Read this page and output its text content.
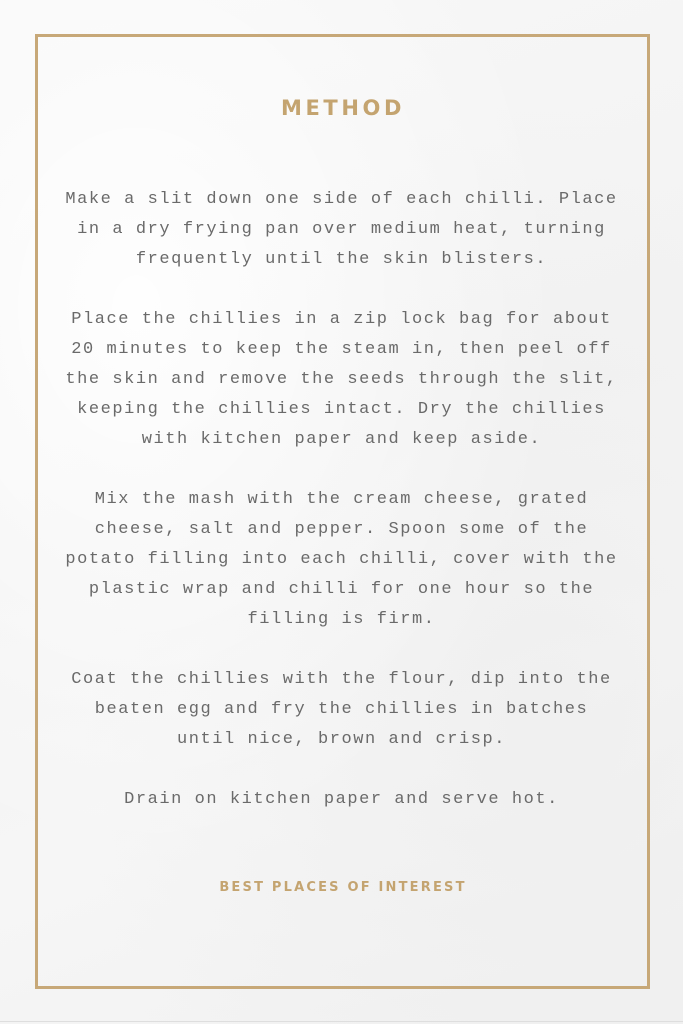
METHOD
Make a slit down one side of each chilli. Place
in a dry frying pan over medium heat, turning
frequently until the skin blisters.
Place the chillies in a zip lock bag for about
20 minutes to keep the steam in, then peel off
the skin and remove the seeds through the slit,
keeping the chillies intact. Dry the chillies
with kitchen paper and keep aside.
Mix the mash with the cream cheese, grated
cheese, salt and pepper. Spoon some of the
potato filling into each chilli, cover with the
plastic wrap and chilli for one hour so the
filling is firm.
Coat the chillies with the flour, dip into the
beaten egg and fry the chillies in batches
until nice, brown and crisp.
Drain on kitchen paper and serve hot.

BEST PLACES OF INTEREST
